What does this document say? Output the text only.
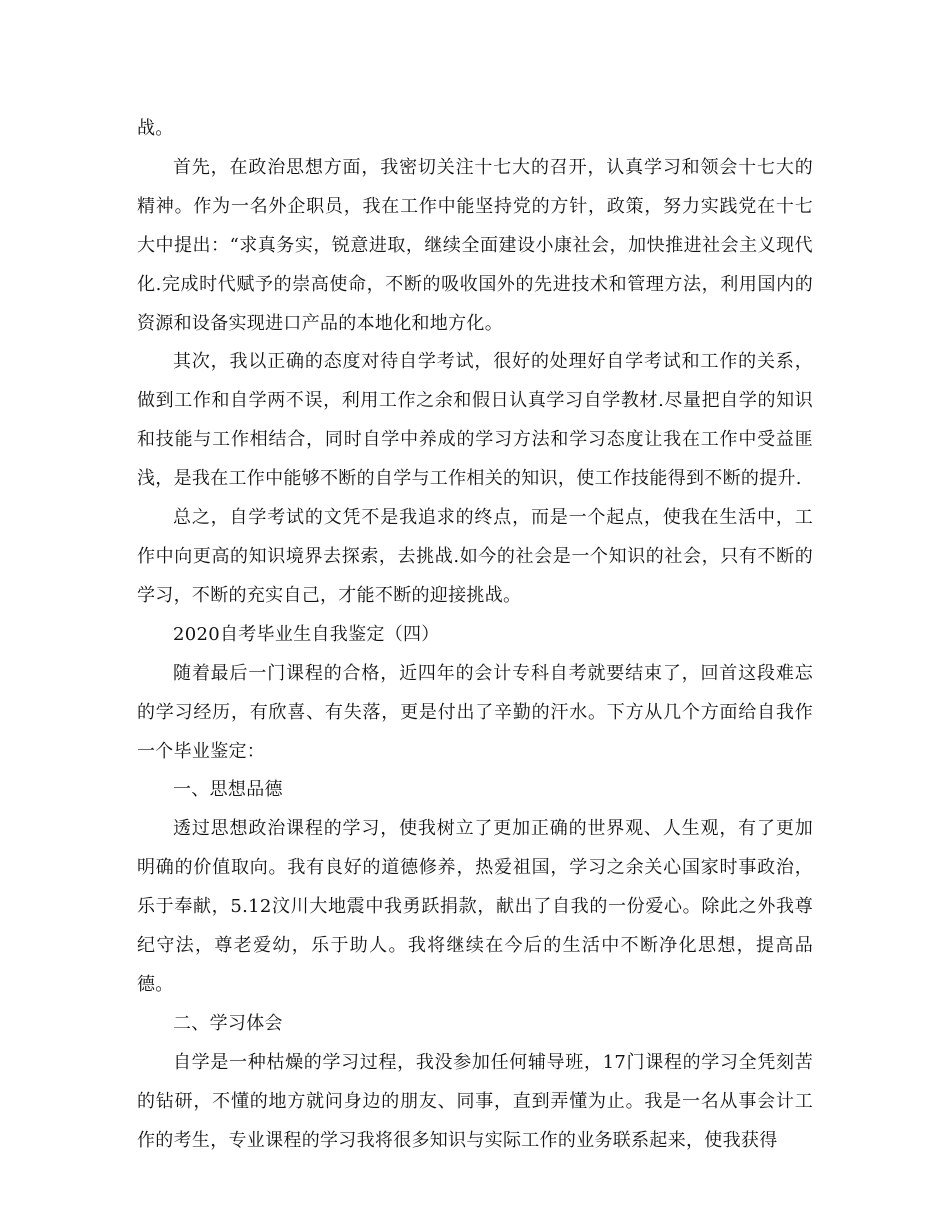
战。

首先，在政治思想方面，我密切关注十七大的召开，认真学习和领会十七大的精神。作为一名外企职员，我在工作中能坚持党的方针，政策，努力实践党在十七大中提出：“求真务实，锐意进取，继续全面建设小康社会，加快推进社会主义现代化.完成时代赋予的崇高使命，不断的吸收国外的先进技术和管理方法，利用国内的资源和设备实现进口产品的本地化和地方化。

其次，我以正确的态度对待自学考试，很好的处理好自学考试和工作的关系，做到工作和自学两不误，利用工作之余和假日认真学习自学教材.尽量把自学的知识和技能与工作相结合，同时自学中养成的学习方法和学习态度让我在工作中受益匪浅，是我在工作中能够不断的自学与工作相关的知识，使工作技能得到不断的提升.

总之，自学考试的文凭不是我追求的终点，而是一个起点，使我在生活中，工作中向更高的知识境界去探索，去挑战.如今的社会是一个知识的社会，只有不断的学习，不断的充实自己，才能不断的迎接挑战。

2020自考毕业生自我鉴定（四）

随着最后一门课程的合格，近四年的会计专科自考就要结束了，回首这段难忘的学习经历，有欣喜、有失落，更是付出了辛勤的汗水。下方从几个方面给自我作一个毕业鉴定：

一、思想品德

透过思想政治课程的学习，使我树立了更加正确的世界观、人生观，有了更加明确的价值取向。我有良好的道德修养，热爱祖国，学习之余关心国家时事政治，乐于奉献，5.12汶川大地震中我勇跃捐款，献出了自我的一份爱心。除此之外我尊纪守法，尊老爱幼，乐于助人。我将继续在今后的生活中不断净化思想，提高品德。

二、学习体会

自学是一种枯燥的学习过程，我没参加任何辅导班，17门课程的学习全凭刻苦的钻研，不懂的地方就问身边的朋友、同事，直到弄懂为止。我是一名从事会计工作的考生，专业课程的学习我将很多知识与实际工作的业务联系起来，使我获得
